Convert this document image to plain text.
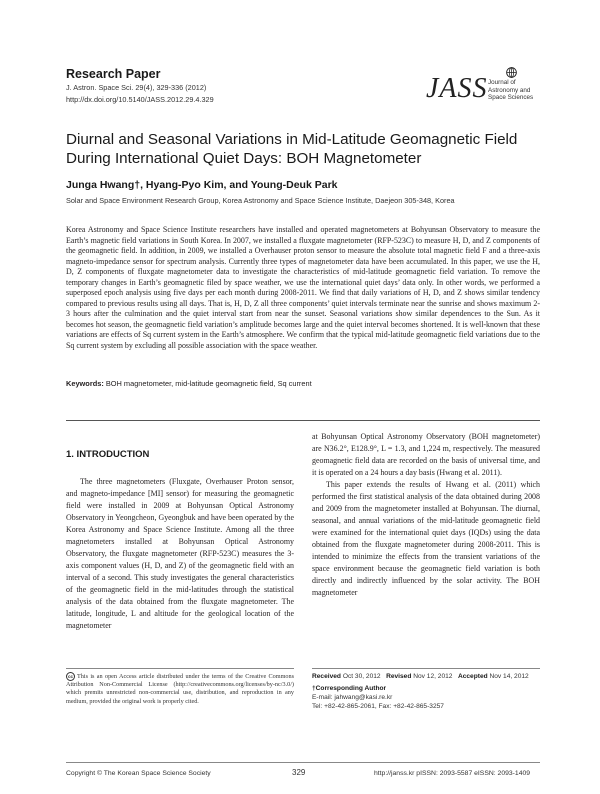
Research Paper
J. Astron. Space Sci. 29(4), 329-336 (2012)
http://dx.doi.org/10.5140/JASS.2012.29.4.329	JASS Journal of
Astronomy and
Space Sciences
Diurnal and Seasonal Variations in Mid-Latitude Geomagnetic Field During International Quiet Days: BOH Magnetometer
Junga Hwang†, Hyang-Pyo Kim, and Young-Deuk Park
Solar and Space Environment Research Group, Korea Astronomy and Space Science Institute, Daejeon 305-348, Korea
Korea Astronomy and Space Science Institute researchers have installed and operated magnetometers at Bohyunsan Observatory to measure the Earth’s magnetic field variations in South Korea. In 2007, we installed a fluxgate magnetometer (RFP-523C) to measure H, D, and Z components of the geomagnetic field. In addition, in 2009, we installed a Overhauser proton sensor to measure the absolute total magnetic field F and a three-axis magneto-impedance sensor for spectrum analysis. Currently three types of magnetometer data have been accumulated. In this paper, we use the H, D, Z components of fluxgate magnetometer data to investigate the characteristics of mid-latitude geomagnetic field variation. To remove the temporary changes in Earth’s geomagnetic filed by space weather, we use the international quiet days’ data only. In other words, we performed a superposed epoch analysis using five days per each month during 2008-2011. We find that daily variations of H, D, and Z shows similar tendency compared to previous results using all days. That is, H, D, Z all three components’ quiet intervals terminate near the sunrise and shows maximum 2-3 hours after the culmination and the quiet interval start from near the sunset. Seasonal variations show similar dependences to the Sun. As it becomes hot season, the geomagnetic field variation’s amplitude becomes large and the quiet interval becomes shortened. It is well-known that these variations are effects of Sq current system in the Earth’s atmosphere. We confirm that the typical mid-latitude geomagnetic field variations due to the Sq current system by excluding all possible association with the space weather.
Keywords: BOH magnetometer, mid-latitude geomagnetic field, Sq current
1. INTRODUCTION

The three magnetometers (Fluxgate, Overhauser Proton sensor, and magneto-impedance [MI] sensor) for measuring the geomagnetic field were installed in 2009 at Bohyunsan Optical Astronomy Observatory in Yeongcheon, Gyeongbuk and have been operated by the Korea Astronomy and Space Science Institute. Among all the three magnetometers installed at Bohyunsan Optical Astronomy Observatory, the fluxgate magnetometer (RFP-523C) measures the 3-axis component values (H, D, and Z) of the geomagnetic field with an interval of a second. This study investigates the general characteristics of the geomagnetic field in the mid-latitudes through the statistical analysis of the data obtained from the fluxgate magnetometer. The latitude, longitude, L and altitude for the geological location of the magnetometer

at Bohyunsan Optical Astronomy Observatory (BOH magnetometer) are N36.2°, E128.9°, L = 1.3, and 1,224 m, respectively. The measured geomagnetic field data are recorded on the basis of universal time, and it is operated on a 24 hours a day basis (Hwang et al. 2011).

This paper extends the results of Hwang et al. (2011) which performed the first statistical analysis of the data obtained during 2008 and 2009 from the magnetometer installed at Bohyunsan. The diurnal, seasonal, and annual variations of the mid-latitude geomagnetic field were examined for the international quiet days (IQDs) using the data obtained from the fluxgate magnetometer during 2008-2011. This is intended to minimize the effects from the transient variations of the space environment because the geomagnetic field variation is both directly and indirectly influenced by the solar activity. The BOH magnetometer

cc This is an open Access article distributed under the terms of the Creative Commons Attribution Non-Commercial License (http://creativecommons.org/licenses/by-nc/3.0/) which premits unrestricted non-commercial use, distribution, and reproduction in any medium, provided the original work is properly cited.
Received Oct 30, 2012 Revised Nov 12, 2012 Accepted Nov 14, 2012
†Corresponding Author
E-mail: jahwang@kasi.re.kr
Tel: +82-42-865-2061, Fax: +82-42-865-3257
Copyright © The Korean Space Science Society	329	http://janss.kr pISSN: 2093-5587 eISSN: 2093-1409
